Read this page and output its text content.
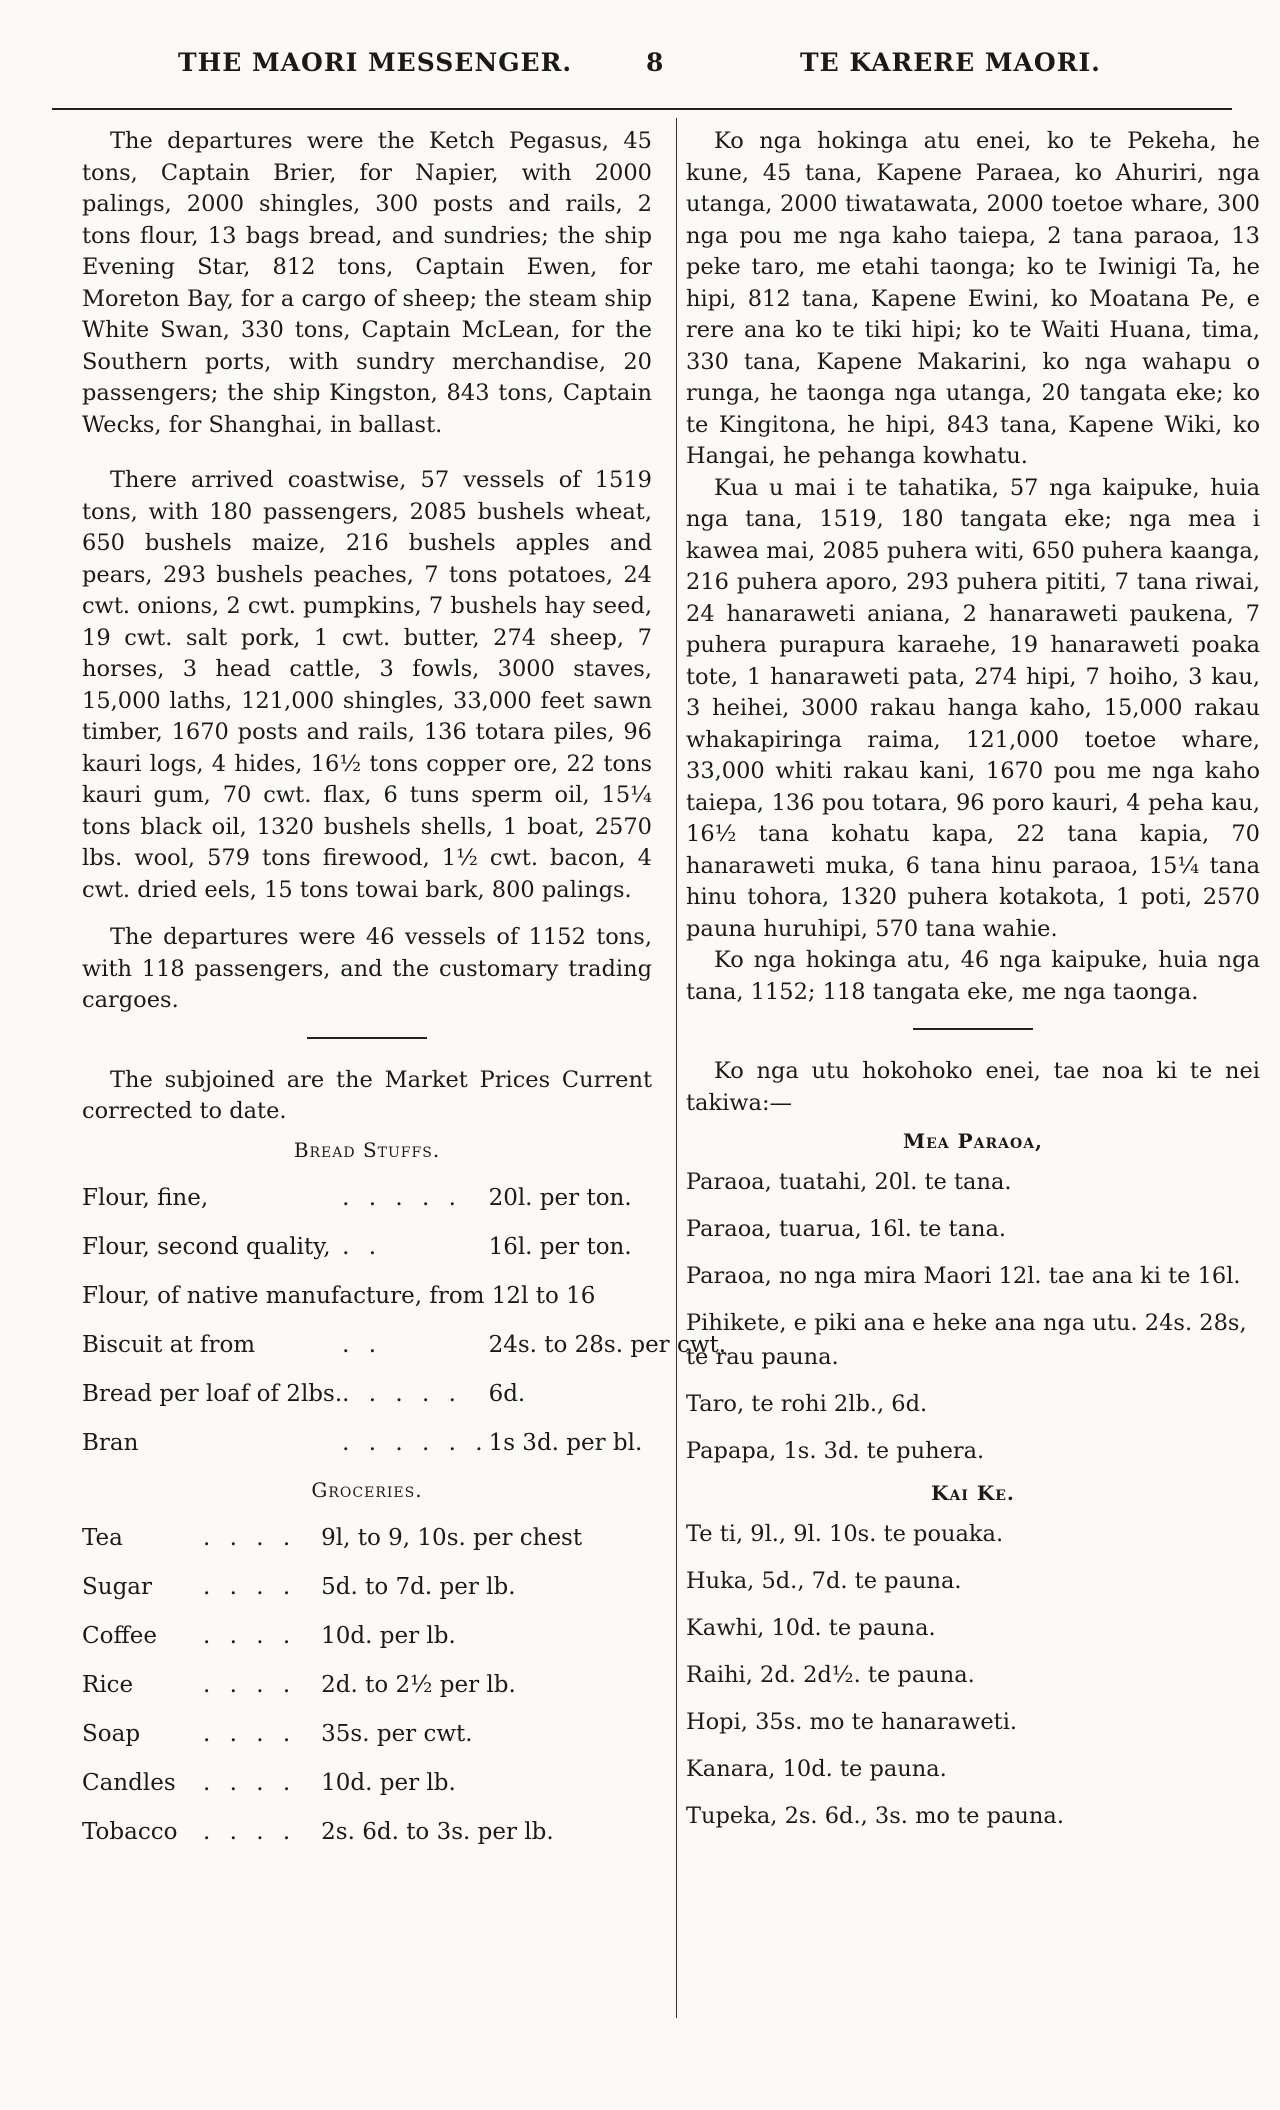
THE MAORI MESSENGER.	8	TE KARERE MAORI.

The departures were the Ketch Pegasus, 45 tons, Captain Brier, for Napier, with 2000 palings, 2000 shingles, 300 posts and rails, 2 tons flour, 13 bags bread, and sundries; the ship Evening Star, 812 tons, Captain Ewen, for Moreton Bay, for a cargo of sheep; the steam ship White Swan, 330 tons, Captain McLean, for the Southern ports, with sundry merchandise, 20 passengers; the ship Kingston, 843 tons, Captain Wecks, for Shanghai, in ballast.

There arrived coastwise, 57 vessels of 1519 tons, with 180 passengers, 2085 bushels wheat, 650 bushels maize, 216 bushels apples and pears, 293 bushels peaches, 7 tons potatoes, 24 cwt. onions, 2 cwt. pumpkins, 7 bushels hay seed, 19 cwt. salt pork, 1 cwt. butter, 274 sheep, 7 horses, 3 head cattle, 3 fowls, 3000 staves, 15,000 laths, 121,000 shingles, 33,000 feet sawn timber, 1670 posts and rails, 136 totara piles, 96 kauri logs, 4 hides, 16½ tons copper ore, 22 tons kauri gum, 70 cwt. flax, 6 tuns sperm oil, 15¼ tons black oil, 1320 bushels shells, 1 boat, 2570 lbs. wool, 579 tons firewood, 1½ cwt. bacon, 4 cwt. dried eels, 15 tons towai bark, 800 palings.

The departures were 46 vessels of 1152 tons, with 118 passengers, and the customary trading cargoes.

The subjoined are the Market Prices Current corrected to date.

Bread Stuffs.
Flour, fine,	. . . . .	20l. per ton.
Flour, second quality,	. .	16l. per ton.
Flour, of native manufacture, from 12l to 16		
Biscuit at from	. .	24s. to 28s. per cwt.
Bread per loaf of 2lbs.	. . . . .	6d.
Bran	. . . . . .	1s 3d. per bl.
Groceries.
Tea	. . . .	9l, to 9, 10s. per chest
Sugar	. . . .	5d. to 7d. per lb.
Coffee	. . . .	10d. per lb.
Rice	. . . .	2d. to 2½ per lb.
Soap	. . . .	35s. per cwt.
Candles	. . . .	10d. per lb.
Tobacco	. . . .	2s. 6d. to 3s. per lb.

Ko nga hokinga atu enei, ko te Pekeha, he kune, 45 tana, Kapene Paraea, ko Ahuriri, nga utanga, 2000 tiwatawata, 2000 toetoe whare, 300 nga pou me nga kaho taiepa, 2 tana paraoa, 13 peke taro, me etahi taonga; ko te Iwinigi Ta, he hipi, 812 tana, Kapene Ewini, ko Moatana Pe, e rere ana ko te tiki hipi; ko te Waiti Huana, tima, 330 tana, Kapene Makarini, ko nga wahapu o runga, he taonga nga utanga, 20 tangata eke; ko te Kingitona, he hipi, 843 tana, Kapene Wiki, ko Hangai, he pehanga kowhatu.

Kua u mai i te tahatika, 57 nga kaipuke, huia nga tana, 1519, 180 tangata eke; nga mea i kawea mai, 2085 puhera witi, 650 puhera kaanga, 216 puhera aporo, 293 puhera pititi, 7 tana riwai, 24 hanaraweti aniana, 2 hanaraweti paukena, 7 puhera purapura karaehe, 19 hanaraweti poaka tote, 1 hanaraweti pata, 274 hipi, 7 hoiho, 3 kau, 3 heihei, 3000 rakau hanga kaho, 15,000 rakau whakapiringa raima, 121,000 toetoe whare, 33,000 whiti rakau kani, 1670 pou me nga kaho taiepa, 136 pou totara, 96 poro kauri, 4 peha kau, 16½ tana kohatu kapa, 22 tana kapia, 70 hanaraweti muka, 6 tana hinu paraoa, 15¼ tana hinu tohora, 1320 puhera kotakota, 1 poti, 2570 pauna huruhipi, 570 tana wahie.

Ko nga hokinga atu, 46 nga kaipuke, huia nga tana, 1152; 118 tangata eke, me nga taonga.

Ko nga utu hokohoko enei, tae noa ki te nei takiwa:—

Mea Paraoa,
Paraoa, tuatahi, 20l. te tana.
Paraoa, tuarua, 16l. te tana.
Paraoa, no nga mira Maori 12l. tae ana ki te 16l.
Pihikete, e piki ana e heke ana nga utu. 24s. 28s, te rau pauna.
Taro, te rohi 2lb., 6d.
Papapa, 1s. 3d. te puhera.
Kai Ke.
Te ti, 9l., 9l. 10s. te pouaka.
Huka, 5d., 7d. te pauna.
Kawhi, 10d. te pauna.
Raihi, 2d. 2d½. te pauna.
Hopi, 35s. mo te hanaraweti.
Kanara, 10d. te pauna.
Tupeka, 2s. 6d., 3s. mo te pauna.
